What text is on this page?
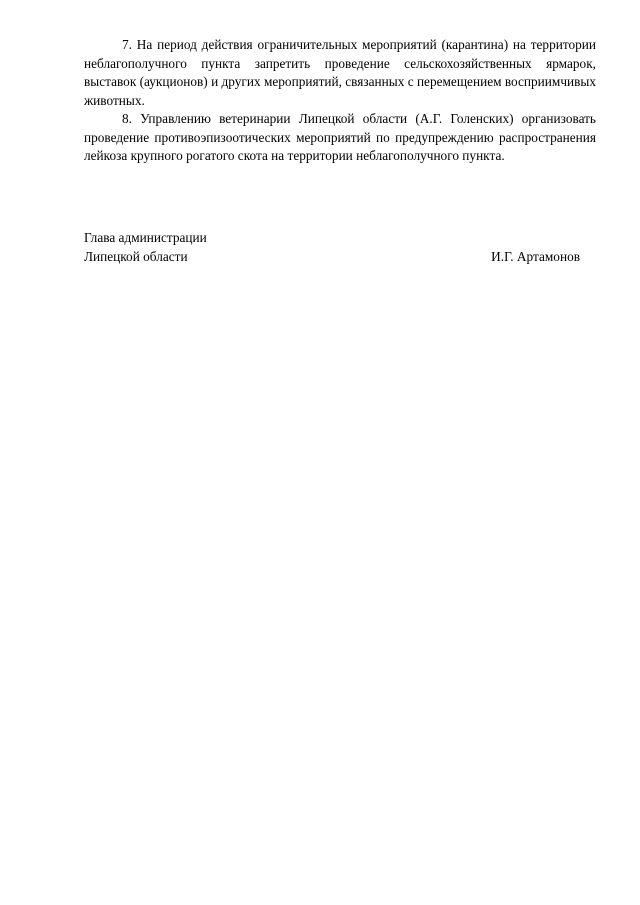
7. На период действия ограничительных мероприятий (карантина) на территории неблагополучного пункта запретить проведение сельскохозяйственных ярмарок, выставок (аукционов) и других мероприятий, связанных с перемещением восприимчивых животных.

8. Управлению ветеринарии Липецкой области (А.Г. Голенских) организовать проведение противоэпизоотических мероприятий по предупреждению распространения лейкоза крупного рогатого скота на территории неблагополучного пункта.

Глава администрации
Липецкой области	И.Г. Артамонов
